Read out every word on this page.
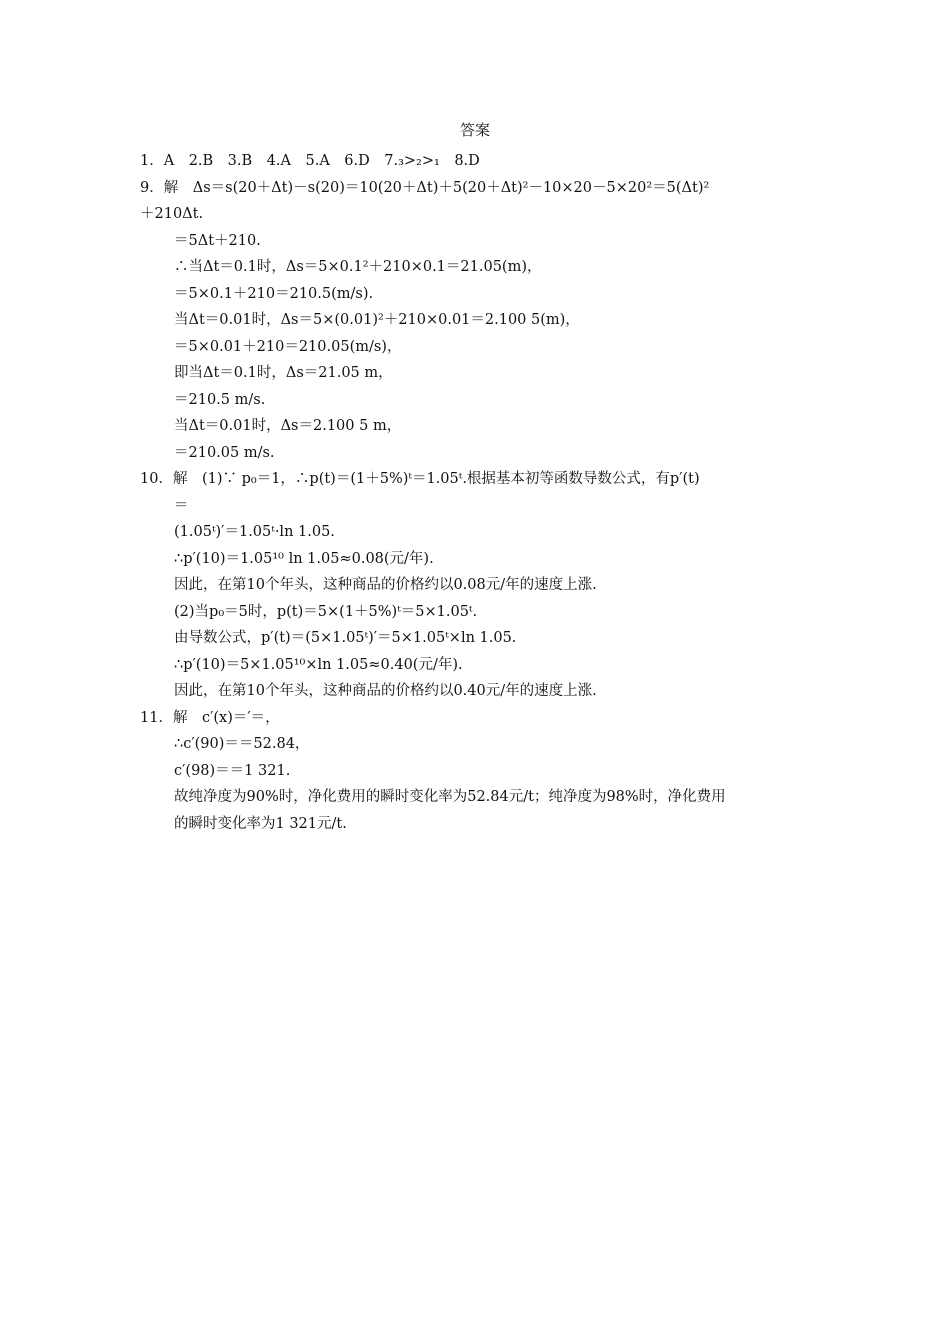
答案
1．A　2.B　3.B　4.A　5.A　6.D　7.₃>₂>₁　8.D
9．解　Δs＝s(20＋Δt)－s(20)＝10(20＋Δt)＋5(20＋Δt)²－10×20－5×20²＝5(Δt)²
＋210Δt.
＝5Δt＋210.
∴当Δt＝0.1时，Δs＝5×0.1²＋210×0.1＝21.05(m)，
＝5×0.1＋210＝210.5(m/s).
当Δt＝0.01时，Δs＝5×(0.01)²＋210×0.01＝2.100 5(m)，
＝5×0.01＋210＝210.05(m/s)，
即当Δt＝0.1时，Δs＝21.05 m，
＝210.5 m/s.
当Δt＝0.01时，Δs＝2.100 5 m，
＝210.05 m/s.
10．解　(1)∵ p₀＝1，∴p(t)＝(1＋5%)ᵗ＝1.05ᵗ.根据基本初等函数导数公式，有p′(t)
＝
(1.05ᵗ)′＝1.05ᵗ·ln 1.05.
∴p′(10)＝1.05¹⁰ ln 1.05≈0.08(元/年).
因此，在第10个年头，这种商品的价格约以0.08元/年的速度上涨.
(2)当p₀＝5时，p(t)＝5×(1＋5%)ᵗ＝5×1.05ᵗ.
由导数公式，p′(t)＝(5×1.05ᵗ)′＝5×1.05ᵗ×ln 1.05.
∴p′(10)＝5×1.05¹⁰×ln 1.05≈0.40(元/年).
因此，在第10个年头，这种商品的价格约以0.40元/年的速度上涨.
11．解　c′(x)＝′＝，
∴c′(90)＝＝52.84，
c′(98)＝＝1 321.
故纯净度为90%时，净化费用的瞬时变化率为52.84元/t；纯净度为98%时，净化费用
的瞬时变化率为1 321元/t.
